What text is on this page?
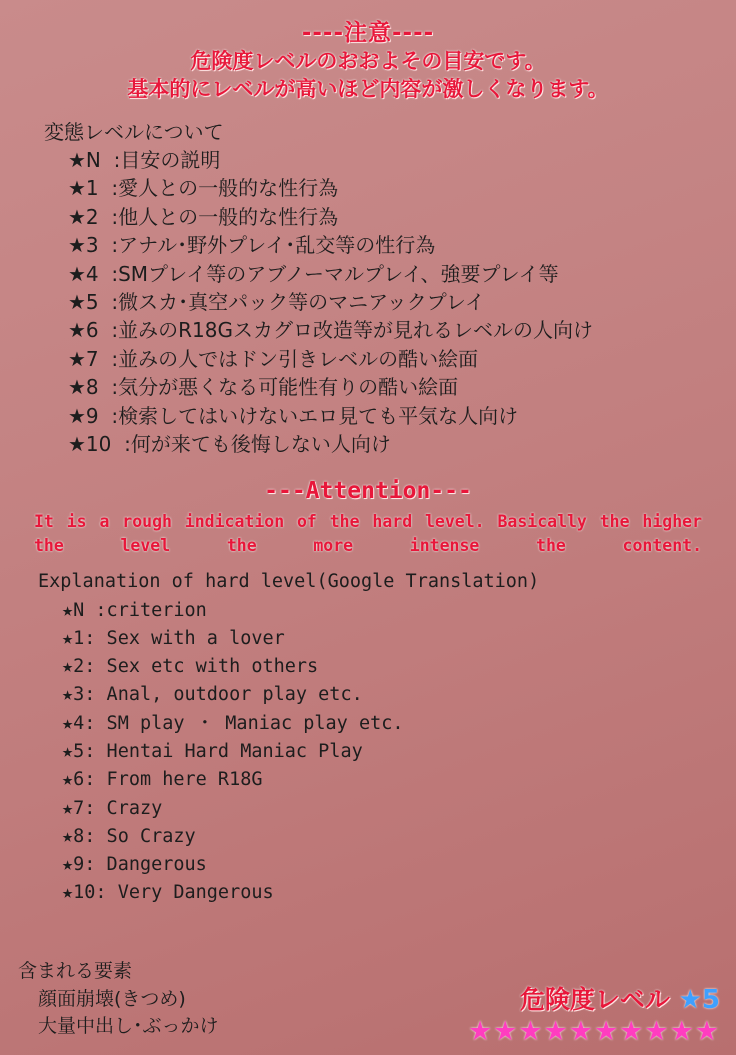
----注意----
危険度レベルのおおよその目安です。
基本的にレベルが高いほど内容が激しくなります。
変態レベルについて
★N  :目安の説明
★1  :愛人との一般的な性行為
★2  :他人との一般的な性行為
★3  :アナル･野外プレイ･乱交等の性行為
★4  :SMプレイ等のアブノーマルプレイ、強要プレイ等
★5  :微スカ･真空パック等のマニアックプレイ
★6  :並みのR18Gスカグロ改造等が見れるレベルの人向け
★7  :並みの人ではドン引きレベルの酷い絵面
★8  :気分が悪くなる可能性有りの酷い絵面
★9  :検索してはいけないエロ見ても平気な人向け
★10  :何が来ても後悔しない人向け
---Attention---
It is a rough indication of the hard level. Basically the higher the level the more intense the content.
Explanation of hard level(Google Translation)
★N :criterion
★1: Sex with a lover
★2: Sex etc with others
★3: Anal, outdoor play etc.
★4: SM play ・ Maniac play etc.
★5: Hentai Hard Maniac Play
★6: From here R18G
★7: Crazy
★8: So Crazy
★9: Dangerous
★10: Very Dangerous
含まれる要素
顔面崩壊(きつめ)
大量中出し･ぶっかけ
危険度レベル ★5
★★★★★★★★★★
